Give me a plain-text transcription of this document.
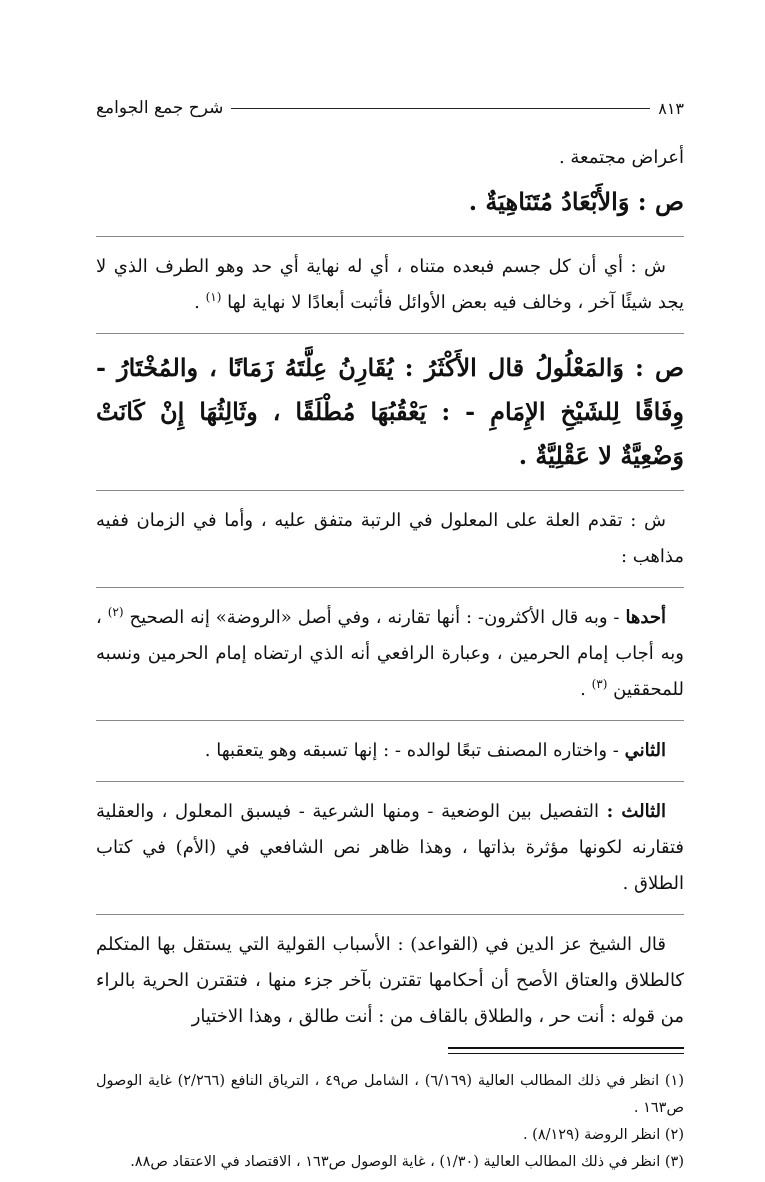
شرح جمع الجوامع	٨١٣

أعراض مجتمعة .

ص : وَالأَبْعَادُ مُتَنَاهِيَةٌ .

ش : أي أن كل جسم فبعده متناه ، أي له نهاية أي حد وهو الطرف الذي لا يجد شيئًا آخر ، وخالف فيه بعض الأوائل فأثبت أبعادًا لا نهاية لها $^{(١)}$ .

ص : وَالمَعْلُولُ قال الأَكْثَرُ : يُقَارِنُ عِلَّتَهُ زَمَانًا ، والمُخْتَارُ - وِفَاقًا لِلشَيْخِ الإِمَامِ - : يَعْقُبُهَا مُطْلَقًا ، وثَالِثُهَا إِنْ كَانَتْ وَضْعِيَّةٌ لا عَقْلِيَّةٌ .

ش : تقدم العلة على المعلول في الرتبة متفق عليه ، وأما في الزمان ففيه مذاهب :

أحدها - وبه قال الأكثرون- : أنها تقارنه ، وفي أصل «الروضة» إنه الصحيح $^{(٢)}$ ، وبه أجاب إمام الحرمين ، وعبارة الرافعي أنه الذي ارتضاه إمام الحرمين ونسبه للمحققين $^{(٣)}$ .

الثاني - واختاره المصنف تبعًا لوالده - : إنها تسبقه وهو يتعقبها .

الثالث : التفصيل بين الوضعية - ومنها الشرعية - فيسبق المعلول ، والعقلية فتقارنه لكونها مؤثرة بذاتها ، وهذا ظاهر نص الشافعي في (الأم) في كتاب الطلاق .

قال الشيخ عز الدين في (القواعد) : الأسباب القولية التي يستقل بها المتكلم كالطلاق والعتاق الأصح أن أحكامها تقترن بآخر جزء منها ، فتقترن الحرية بالراء من قوله : أنت حر ، والطلاق بالقاف من : أنت طالق ، وهذا الاختيار

(١) انظر في ذلك المطالب العالية (٦/١٦٩) ، الشامل ص٤٩ ، الترياق النافع (٢/٢٦٦) غاية الوصول ص١٦٣ .

(٢) انظر الروضة (٨/١٢٩) .

(٣) انظر في ذلك المطالب العالية (١/٣٠) ، غاية الوصول ص١٦٣ ، الاقتصاد في الاعتقاد ص٨٨.
